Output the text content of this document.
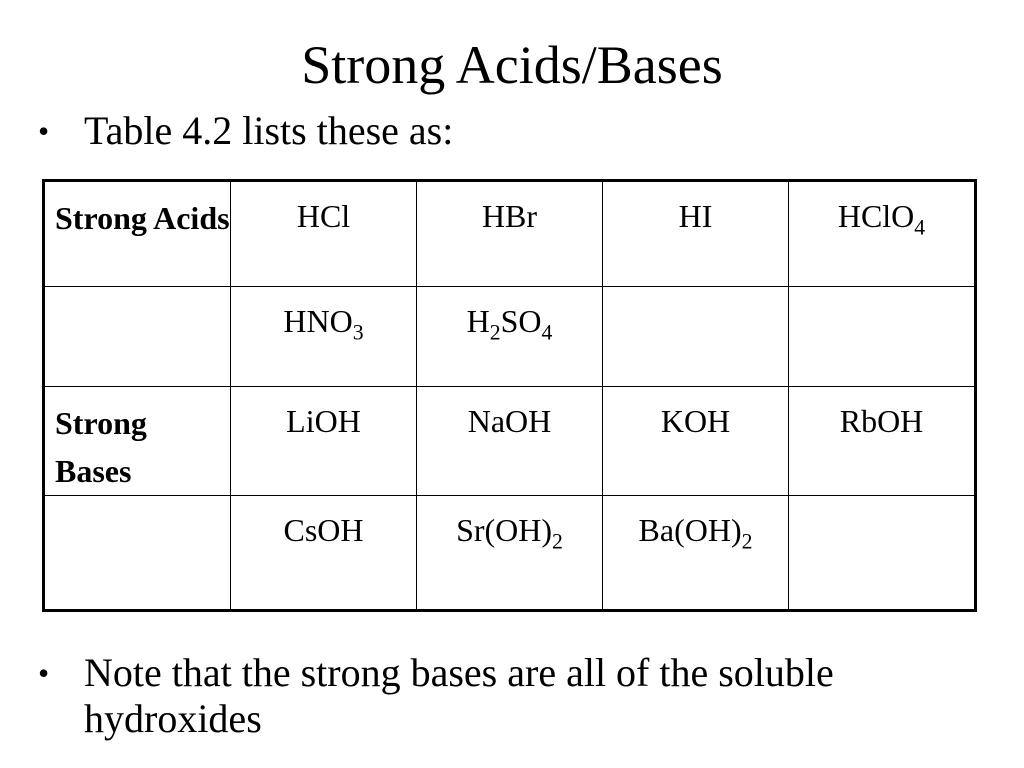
Strong Acids/Bases
• Table 4.2 lists these as:
Strong Acids	HCl	HBr	HI	HClO$_4$
	$HNO_3$	$H_2SO_4$		
Strong Bases	LiOH	NaOH	KOH	RbOH
	CsOH	$Sr(OH)_2$	$Ba(OH)_2$	
• Note that the strong bases are all of the soluble hydroxides
